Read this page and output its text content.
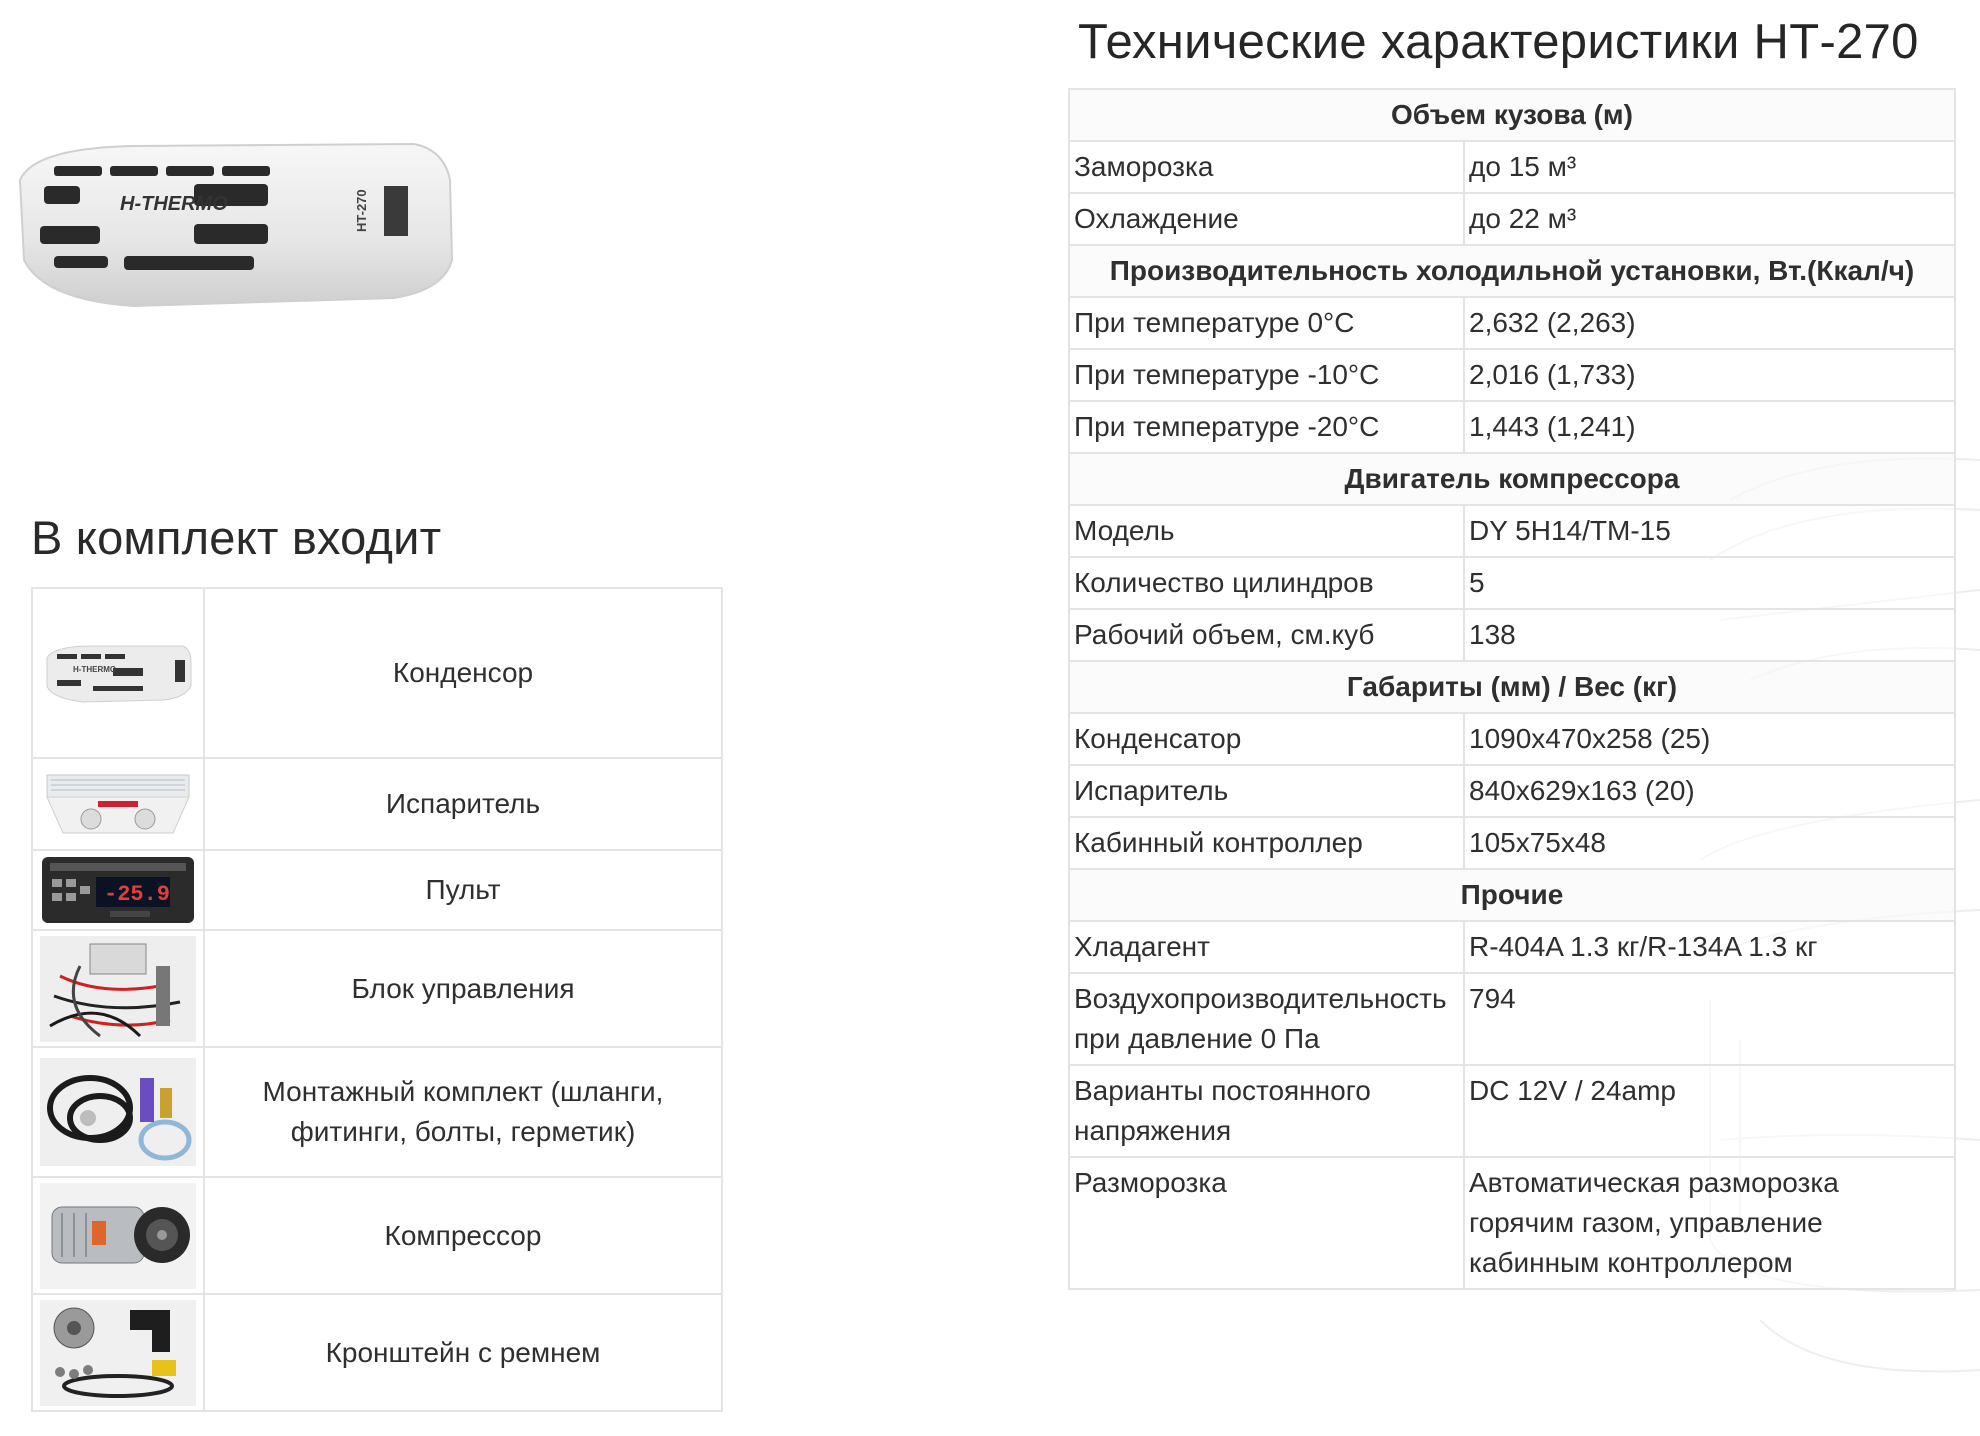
H-THERMO	HT-270
В комплект входит
H-THERMO	Конденсор

	Испаритель

-25.9	Пульт

	Блок управления

	Монтажный комплект (шланги, фитинги, болты, герметик)

	Компрессор

	Кронштейн с ремнем
Технические характеристики НТ-270
Объем кузова (м)	
Заморозка	до 15 м³
Охлаждение	до 22 м³
Производительность холодильной установки, Вт.(Ккал/ч)	
При температуре 0°С	2,632 (2,263)
При температуре -10°С	2,016 (1,733)
При температуре -20°С	1,443 (1,241)
Двигатель компрессора	
Модель	DY 5H14/TM-15
Количество цилиндров	5
Рабочий объем, см.куб	138
Габариты (мм) / Вес (кг)	
Конденсатор	1090x470x258 (25)
Испаритель	840x629x163 (20)
Кабинный контроллер	105x75x48
Прочие	
Хладагент	R-404A 1.3 кг/R-134A 1.3 кг
Воздухопроизводительность при давление 0 Па	794
Варианты постоянного напряжения	DC 12V / 24amp
Разморозка	Автоматическая разморозка горячим газом, управление кабинным контроллером
